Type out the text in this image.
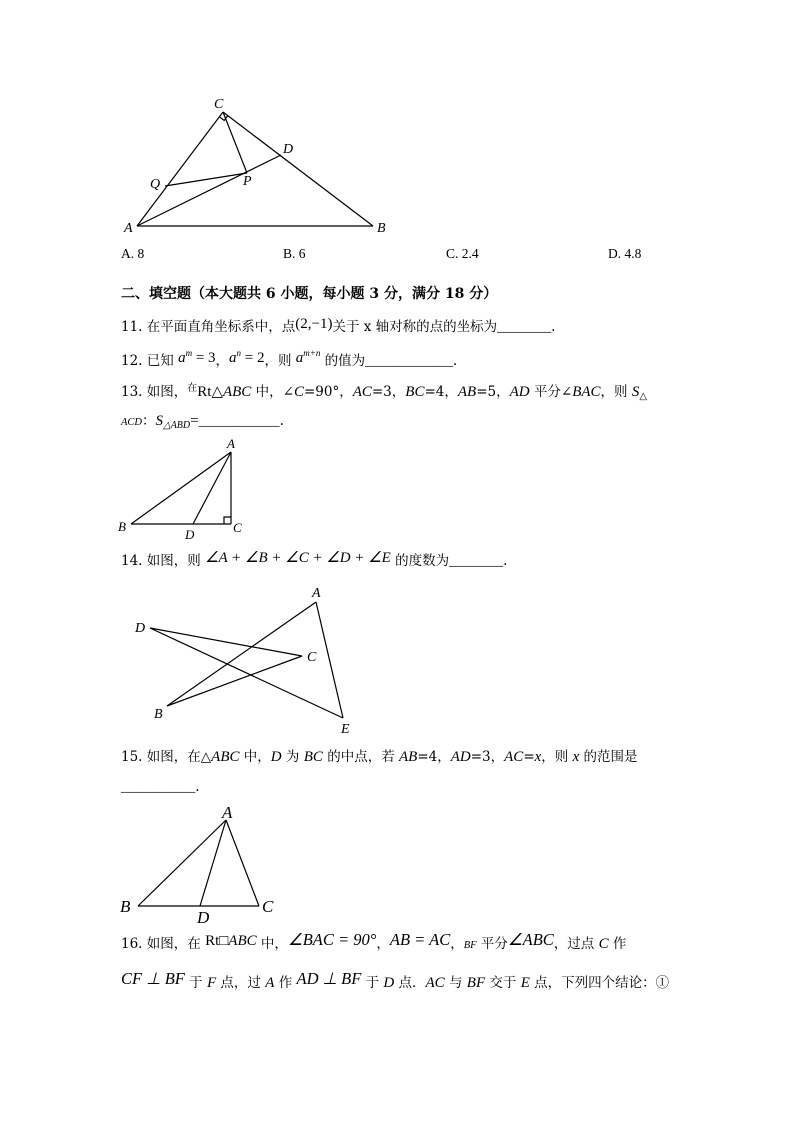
C
D
Q	P
A	B
A. 8	B. 6	C. 2.4	D. 4.8
二、填空题（本大题共 6 小题，每小题 3 分，满分 18 分）
11. 在平面直角坐标系中，点(2,−1)关于 x 轴对称的点的坐标为________.
12. 已知 $a^m = 3$，$a^n = 2$，则 $a^{m+n}$ 的值为_____________.
13. 如图，$^在$Rt△ABC 中，∠C=90°，AC=3，BC=4，AB=5，AD 平分∠BAC，则 $S_\triangle$
ACD：$S_{\triangle ABD}=\_\_\_\_\_\_\_\_\_\_\_\_$.
A
B
D	C
14. 如图，则 ∠A + ∠B + ∠C + ∠D + ∠E 的度数为________.
A
D
C
B
E
15. 如图，在△ABC 中，D 为 BC 的中点，若 AB=4，AD=3，AC=x，则 x 的范围是
___________.
A
B
D
C
16. 如图，在 Rt□ABC 中，∠BAC = 90°，AB = AC，BF 平分∠ABC，过点 C 作
CF ⊥ BF 于 F 点，过 A 作 AD ⊥ BF 于 D 点．AC 与 BF 交于 E 点，下列四个结论：①
